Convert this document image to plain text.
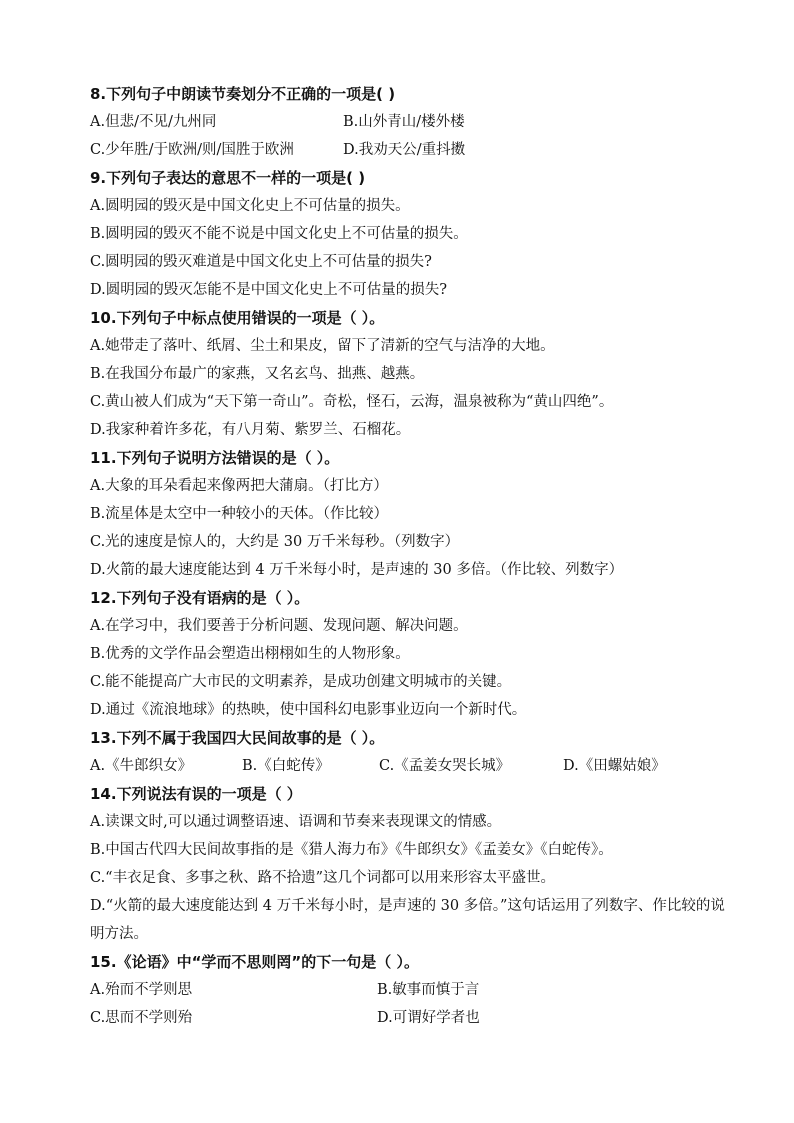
8.下列句子中朗读节奏划分不正确的一项是( )
A.但悲/不见/九州同	B.山外青山/楼外楼
C.少年胜/于欧洲/则/国胜于欧洲	D.我劝天公/重抖擞
9.下列句子表达的意思不一样的一项是( )
A.圆明园的毁灭是中国文化史上不可估量的损失。
B.圆明园的毁灭不能不说是中国文化史上不可估量的损失。
C.圆明园的毁灭难道是中国文化史上不可估量的损失?
D.圆明园的毁灭怎能不是中国文化史上不可估量的损失?
10.下列句子中标点使用错误的一项是（ ）。
A.她带走了落叶、纸屑、尘土和果皮，留下了清新的空气与洁净的大地。
B.在我国分布最广的家燕，又名玄鸟、拙燕、越燕。
C.黄山被人们成为“天下第一奇山”。奇松，怪石，云海，温泉被称为“黄山四绝”。
D.我家种着许多花，有八月菊、紫罗兰、石榴花。
11.下列句子说明方法错误的是（ ）。
A.大象的耳朵看起来像两把大蒲扇。（打比方）
B.流星体是太空中一种较小的天体。（作比较）
C.光的速度是惊人的，大约是 30 万千米每秒。（列数字）
D.火箭的最大速度能达到 4 万千米每小时，是声速的 30 多倍。（作比较、列数字）
12.下列句子没有语病的是（ ）。
A.在学习中，我们要善于分析问题、发现问题、解决问题。
B.优秀的文学作品会塑造出栩栩如生的人物形象。
C.能不能提高广大市民的文明素养，是成功创建文明城市的关键。
D.通过《流浪地球》的热映，使中国科幻电影事业迈向一个新时代。
13.下列不属于我国四大民间故事的是（ ）。
A.《牛郎织女》	B.《白蛇传》	C.《孟姜女哭长城》	D.《田螺姑娘》
14.下列说法有误的一项是（ ）
A.读课文时,可以通过调整语速、语调和节奏来表现课文的情感。
B.中国古代四大民间故事指的是《猎人海力布》《牛郎织女》《孟姜女》《白蛇传》。
C.“丰衣足食、多事之秋、路不拾遗”这几个词都可以用来形容太平盛世。
D.“火箭的最大速度能达到 4 万千米每小时，是声速的 30 多倍。”这句话运用了列数字、作比较的说明方法。
15.《论语》中“学而不思则罔”的下一句是（ ）。
A.殆而不学则思	B.敏事而慎于言
C.思而不学则殆	D.可谓好学者也
